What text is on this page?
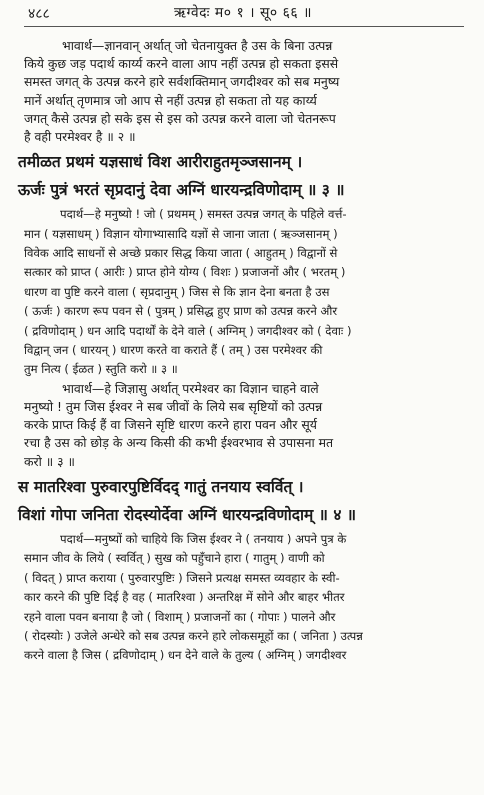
४८८	ऋग्वेदः म० १ । सू० ६६ ॥

भावार्थ—ज्ञानवान् अर्थात् जो चेतनायुक्त है उस के बिना उत्पन्न
किये कुछ जड़ पदार्थ कार्य्य करने वाला आप नहीं उत्पन्न हो सकता इससे
समस्त जगत् के उत्पन्न करने हारे सर्वशक्तिमान् जगदीश्वर को सब मनुष्य
मानें अर्थात् तृणमात्र जो आप से नहीं उत्पन्न हो सकता तो यह कार्य्य
जगत् कैसे उत्पन्न हो सके इस से इस को उत्पन्न करने वाला जो चेतनरूप
है वही परमेश्वर है ॥ २ ॥

तमीळत प्रथमं यज्ञसाधं विश आरीराहुतमृञ्जसानम् ।
ऊर्जः पुत्रं भरतं सृप्रदानुं देवा अग्निं धारयन्द्रविणोदाम् ॥ ३ ॥

पदार्थ—हे मनुष्यो ! जो ( प्रथमम् ) समस्त उत्पन्न जगत् के पहिले वर्त्त-
मान ( यज्ञसाधम् ) विज्ञान योगाभ्यासादि यज्ञों से जाना जाता ( ऋञ्जसानम् )
विवेक आदि साधनों से अच्छे प्रकार सिद्ध किया जाता ( आहुतम् ) विद्वानों से
सत्कार को प्राप्त ( आरीः ) प्राप्त होने योग्य ( विशः ) प्रजाजनों और ( भरतम् )
धारण वा पुष्टि करने वाला ( सृप्रदानुम् ) जिस से कि ज्ञान देना बनता है उस
( ऊर्जः ) कारण रूप पवन से ( पुत्रम् ) प्रसिद्ध हुए प्राण को उत्पन्न करने और
( द्रविणोदाम् ) धन आदि पदार्थों के देने वाले ( अग्निम् ) जगदीश्वर को ( देवाः )
विद्वान् जन ( धारयन् ) धारण करते वा कराते हैं ( तम् ) उस परमेश्वर की
तुम नित्य ( ईळत ) स्तुति करो ॥ ३ ॥

भावार्थ—हे जिज्ञासु अर्थात् परमेश्वर का विज्ञान चाहने वाले
मनुष्यो ! तुम जिस ईश्वर ने सब जीवों के लिये सब सृष्टियों को उत्पन्न
करके प्राप्त किई हैं वा जिसने सृष्टि धारण करने हारा पवन और सूर्य
रचा है उस को छोड़ के अन्य किसी की कभी ईश्वरभाव से उपासना मत
करो ॥ ३ ॥

स मातरिश्वा पुरुवारपुष्टिर्विदद् गातुं तनयाय स्वर्वित् ।
विशां गोपा जनिता रोदस्योर्देवा अग्निं धारयन्द्रविणोदाम् ॥ ४ ॥

पदार्थ—मनुष्यों को चाहिये कि जिस ईश्वर ने ( तनयाय ) अपने पुत्र के
समान जीव के लिये ( स्वर्वित् ) सुख को पहुँचाने हारा ( गातुम् ) वाणी को
( विदत् ) प्राप्त कराया ( पुरुवारपुष्टिः ) जिसने प्रत्यक्ष समस्त व्यवहार के स्वी-
कार करने की पुष्टि दिई है वह ( मातरिश्वा ) अन्तरिक्ष में सोने और बाहर भीतर
रहने वाला पवन बनाया है जो ( विशाम् ) प्रजाजनों का ( गोपाः ) पालने और
( रोदस्योः ) उजेले अन्धेरे को सब उत्पन्न करने हारे लोकसमूहों का ( जनिता ) उत्पन्न
करने वाला है जिस ( द्रविणोदाम् ) धन देने वाले के तुल्य ( अग्निम् ) जगदीश्वर
